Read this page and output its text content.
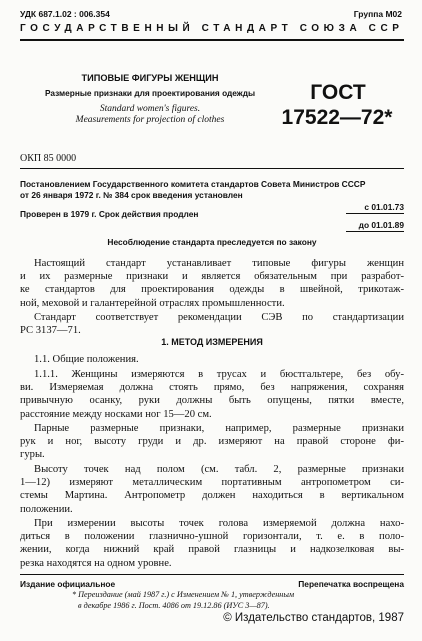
УДК 687.1.02 : 006.354	Группа М02
ГОСУДАРСТВЕННЫЙ СТАНДАРТ СОЮЗА ССР
ТИПОВЫЕ ФИГУРЫ ЖЕНЩИН
Размерные признаки для проектирования одежды
Standard women's figures.
Measurements for projection of clothes
ГОСТ
17522—72*
ОКП 85 0000
Постановлением Государственного комитета стандартов Совета Министров СССР
от 26 января 1972 г. № 384 срок введения установлен
с 01.01.73
Проверен в 1979 г. Срок действия продлен
до 01.01.89
Несоблюдение стандарта преследуется по закону
Настоящий стандарт устанавливает типовые фигуры женщин
и их размерные признаки и является обязательным при разработ-
ке стандартов для проектирования одежды в швейной, трикотаж-
ной, меховой и галантерейной отраслях промышленности.
Стандарт соответствует рекомендации СЭВ по стандартизации
РС 3137—71.
1. МЕТОД ИЗМЕРЕНИЯ
1.1. Общие положения.
1.1.1. Женщины измеряются в трусах и бюстгальтере, без обу-
ви. Измеряемая должна стоять прямо, без напряжения, сохраняя
привычную осанку, руки должны быть опущены, пятки вместе,
расстояние между носками ног 15—20 см.
Парные размерные признаки, например, размерные признаки
рук и ног, высоту груди и др. измеряют на правой стороне фи-
гуры.
Высоту точек над полом (см. табл. 2, размерные признаки
1—12) измеряют металлическим портативным антропометром си-
стемы Мартина. Антропометр должен находиться в вертикальном
положении.
При измерении высоты точек голова измеряемой должна нахо-
диться в положении глазнично-ушной горизонтали, т. е. в поло-
жении, когда нижний край правой глазницы и надкозелковая вы-
резка находятся на одном уровне.
Издание официальное	Перепечатка воспрещена
* Переиздание (май 1987 г.) с Изменением № 1, утвержденным
в декабре 1986 г. Пост. 4086 от 19.12.86 (ИУС 3—87).
© Издательство стандартов, 1987
